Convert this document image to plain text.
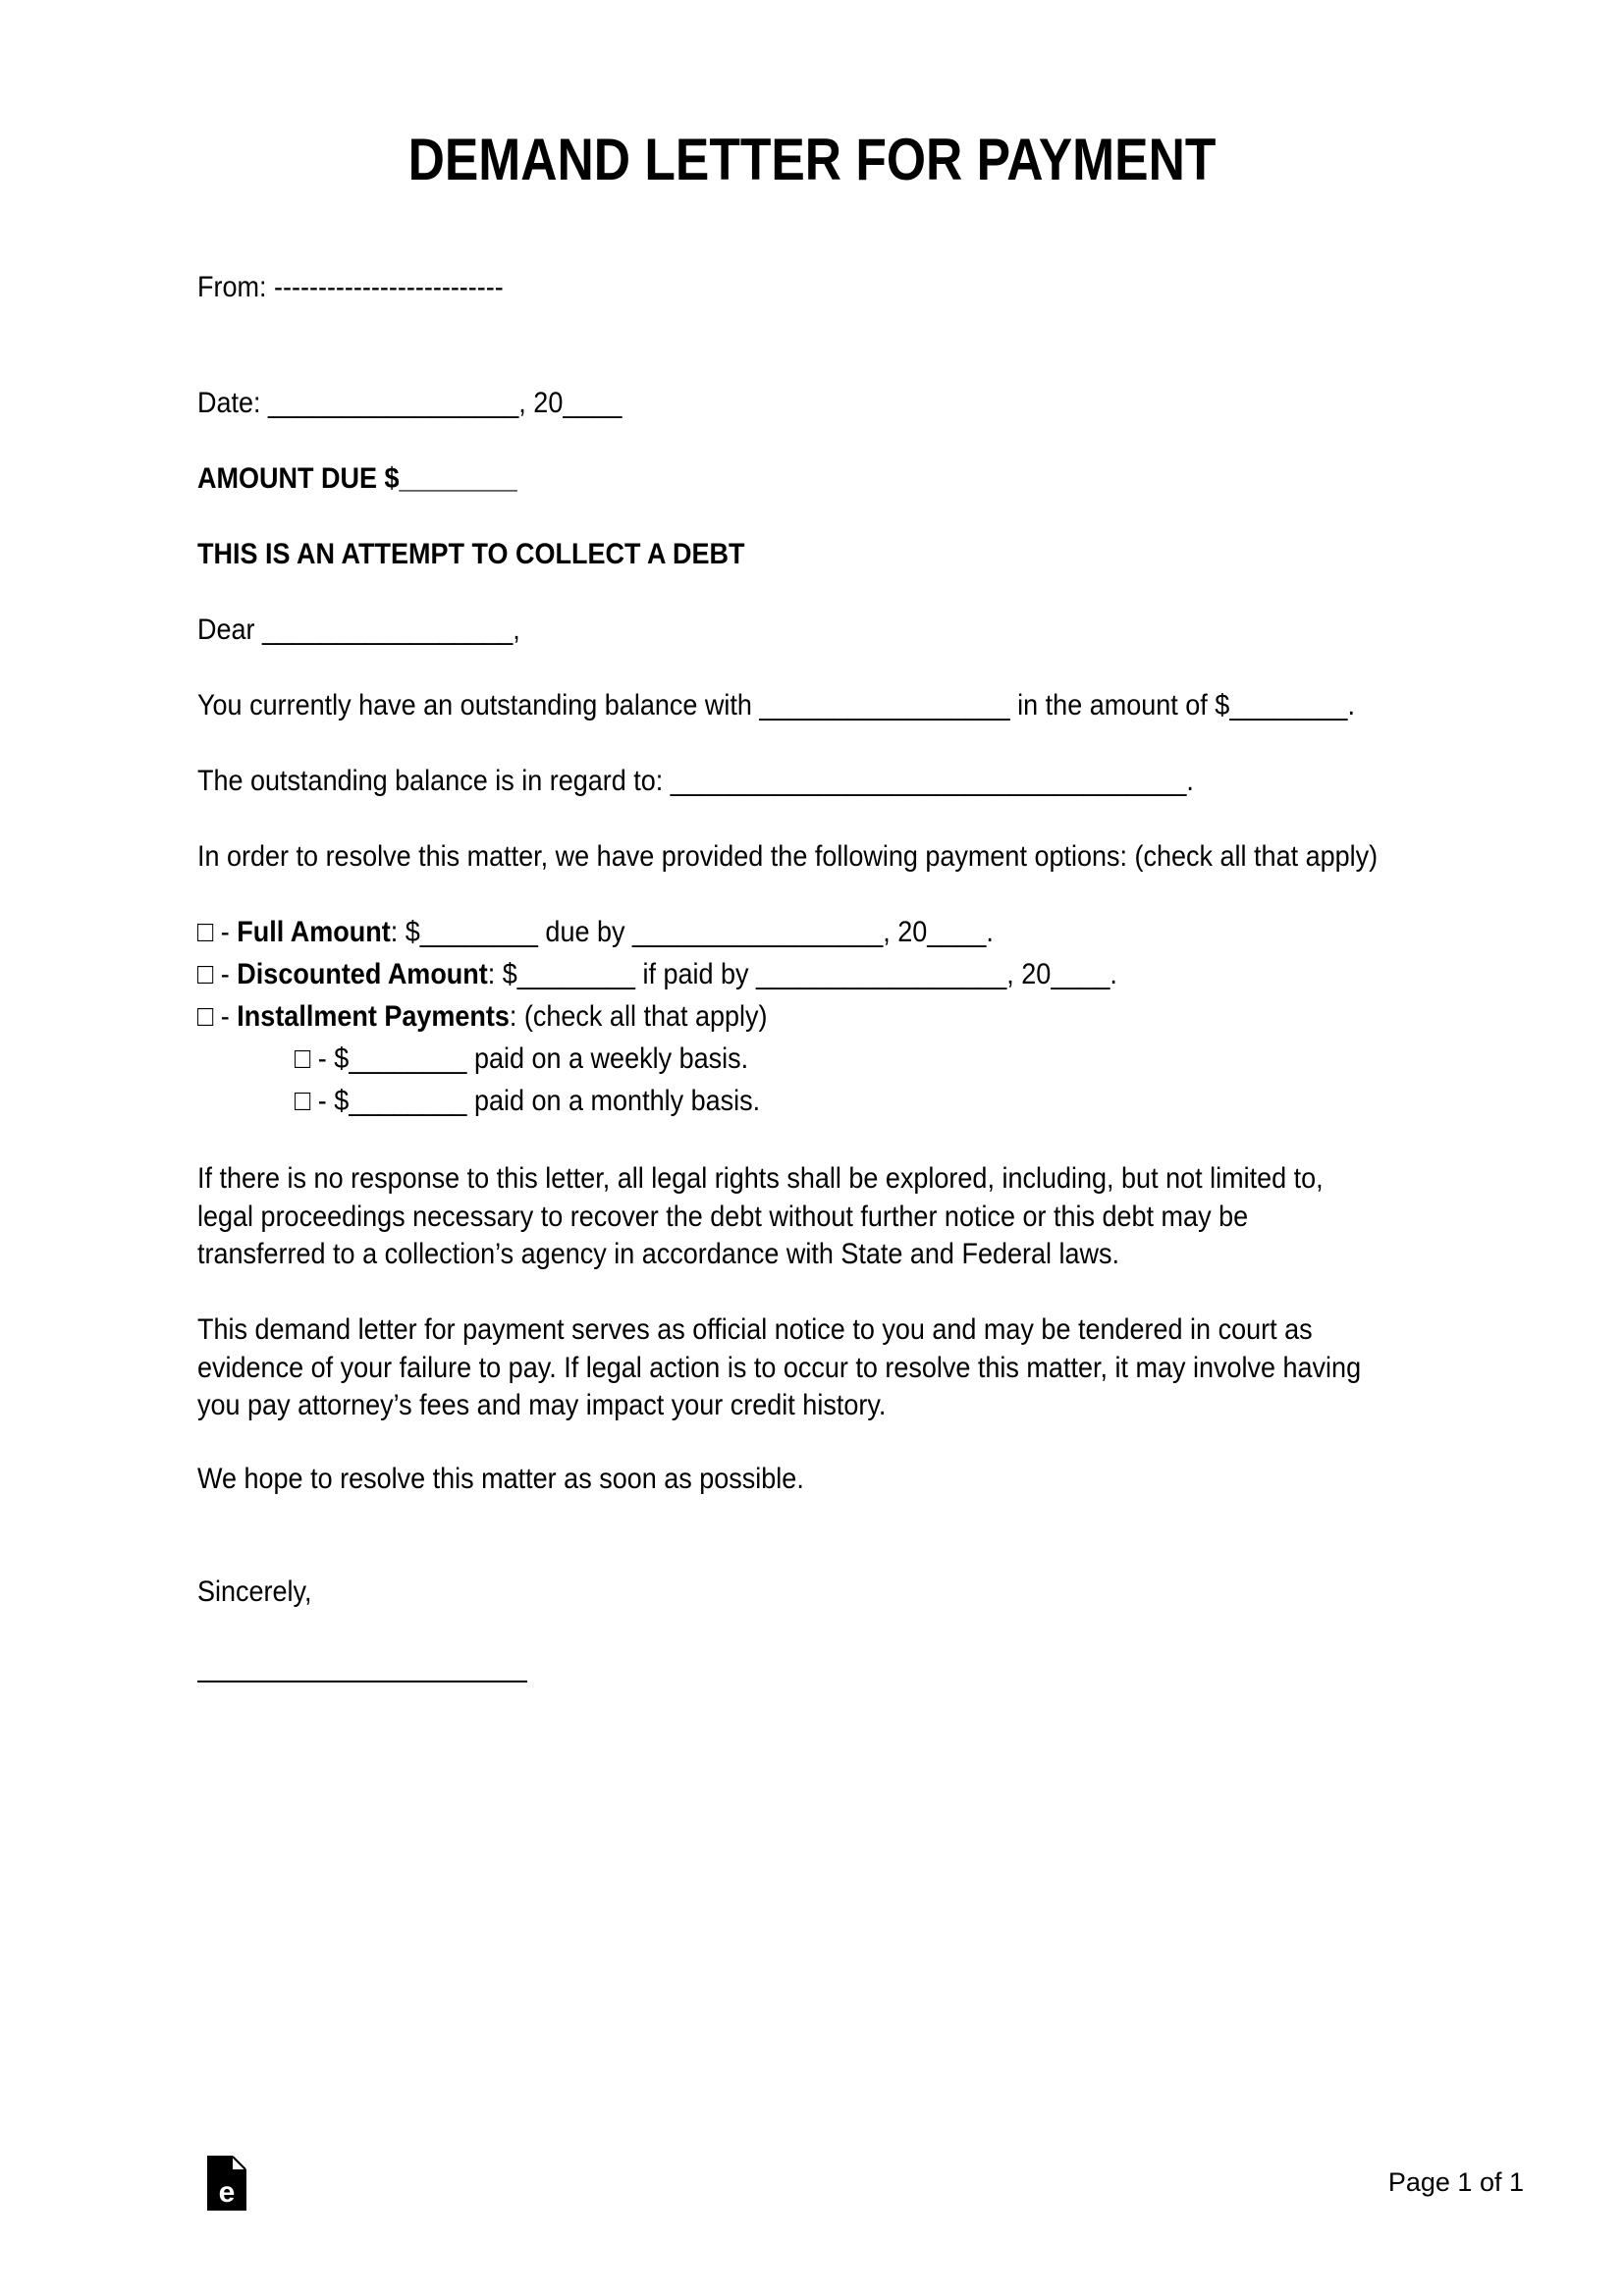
DEMAND LETTER FOR PAYMENT

From: --------------------------

Date: _________________, 20____

AMOUNT DUE $________

THIS IS AN ATTEMPT TO COLLECT A DEBT

Dear _________________,

You currently have an outstanding balance with _________________ in the amount of $________.

The outstanding balance is in regard to: ___________________________________.

In order to resolve this matter, we have provided the following payment options: (check all that apply)

□ - Full Amount: $________ due by _________________, 20____.

□ - Discounted Amount: $________ if paid by _________________, 20____.

□ - Installment Payments: (check all that apply)

□ - $________ paid on a weekly basis.

□ - $________ paid on a monthly basis.

If there is no response to this letter, all legal rights shall be explored, including, but not limited to, legal proceedings necessary to recover the debt without further notice or this debt may be transferred to a collection’s agency in accordance with State and Federal laws.

This demand letter for payment serves as official notice to you and may be tendered in court as evidence of your failure to pay. If legal action is to occur to resolve this matter, it may involve having you pay attorney’s fees and may impact your credit history.

We hope to resolve this matter as soon as possible.

Sincerely,

e	Page 1 of 1
